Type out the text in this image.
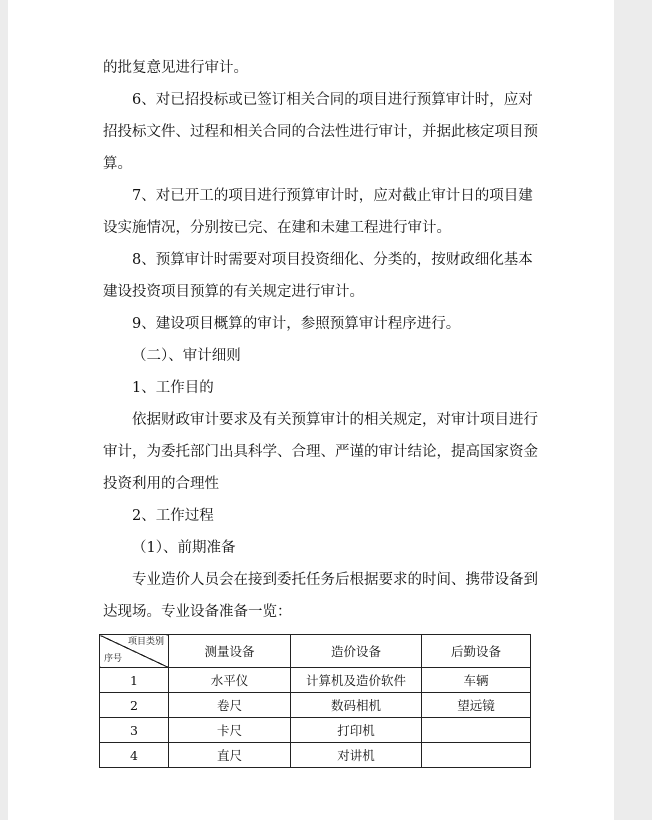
的批复意见进行审计。

6、对已招投标或已签订相关合同的项目进行预算审计时，应对
招投标文件、过程和相关合同的合法性进行审计，并据此核定项目预
算。

7、对已开工的项目进行预算审计时，应对截止审计日的项目建
设实施情况，分别按已完、在建和未建工程进行审计。

8、预算审计时需要对项目投资细化、分类的，按财政细化基本
建设投资项目预算的有关规定进行审计。

9、建设项目概算的审计，参照预算审计程序进行。

（二）、审计细则

1、工作目的

依据财政审计要求及有关预算审计的相关规定，对审计项目进行
审计，为委托部门出具科学、合理、严谨的审计结论，提高国家资金
投资利用的合理性

2、工作过程

（1）、前期准备

专业造价人员会在接到委托任务后根据要求的时间、携带设备到
达现场。专业设备准备一览：

项目类别
序号	测量设备	造价设备	后勤设备
1	水平仪	计算机及造价软件	车辆
2	卷尺	数码相机	望远镜
3	卡尺	打印机	
4	直尺	对讲机	
